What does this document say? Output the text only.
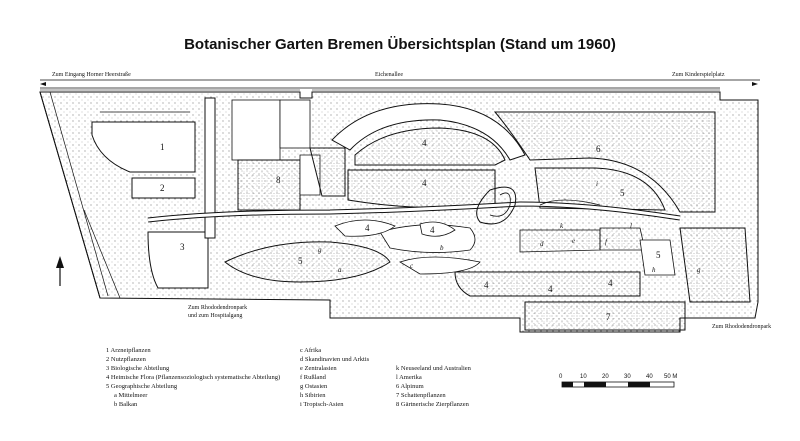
Botanischer Garten Bremen Übersichtsplan (Stand um 1960)
Zum Eingang Horner Heerstraße	Eichenallee	Zum Kinderspielplatz
Zum Rhododendronpark
und zum Hospitalgang
Zum Rhododendronpark
1
2
3
4
4
4	4
4	4
4
5
5
5
6
7
8
a
g	b
c
d	e	f
g
h
i
k	l
0	10	20	30	40 50 M
1 Arzneipflanzen
2 Nutzpflanzen
3 Biologische Abteilung
4 Heimische Flora (Pflanzensoziologisch systematische Abteilung)
5 Geographische Abteilung
a Mittelmeer
b Balkan
c Afrika
d Skandinavien und Arktis
e Zentralasien
f Rußland
g Ostasien
h Sibirien
i Tropisch-Asien
k Neuseeland und Australien
l Amerika
6 Alpinum
7 Schattenpflanzen
8 Gärtnerische Zierpflanzen
